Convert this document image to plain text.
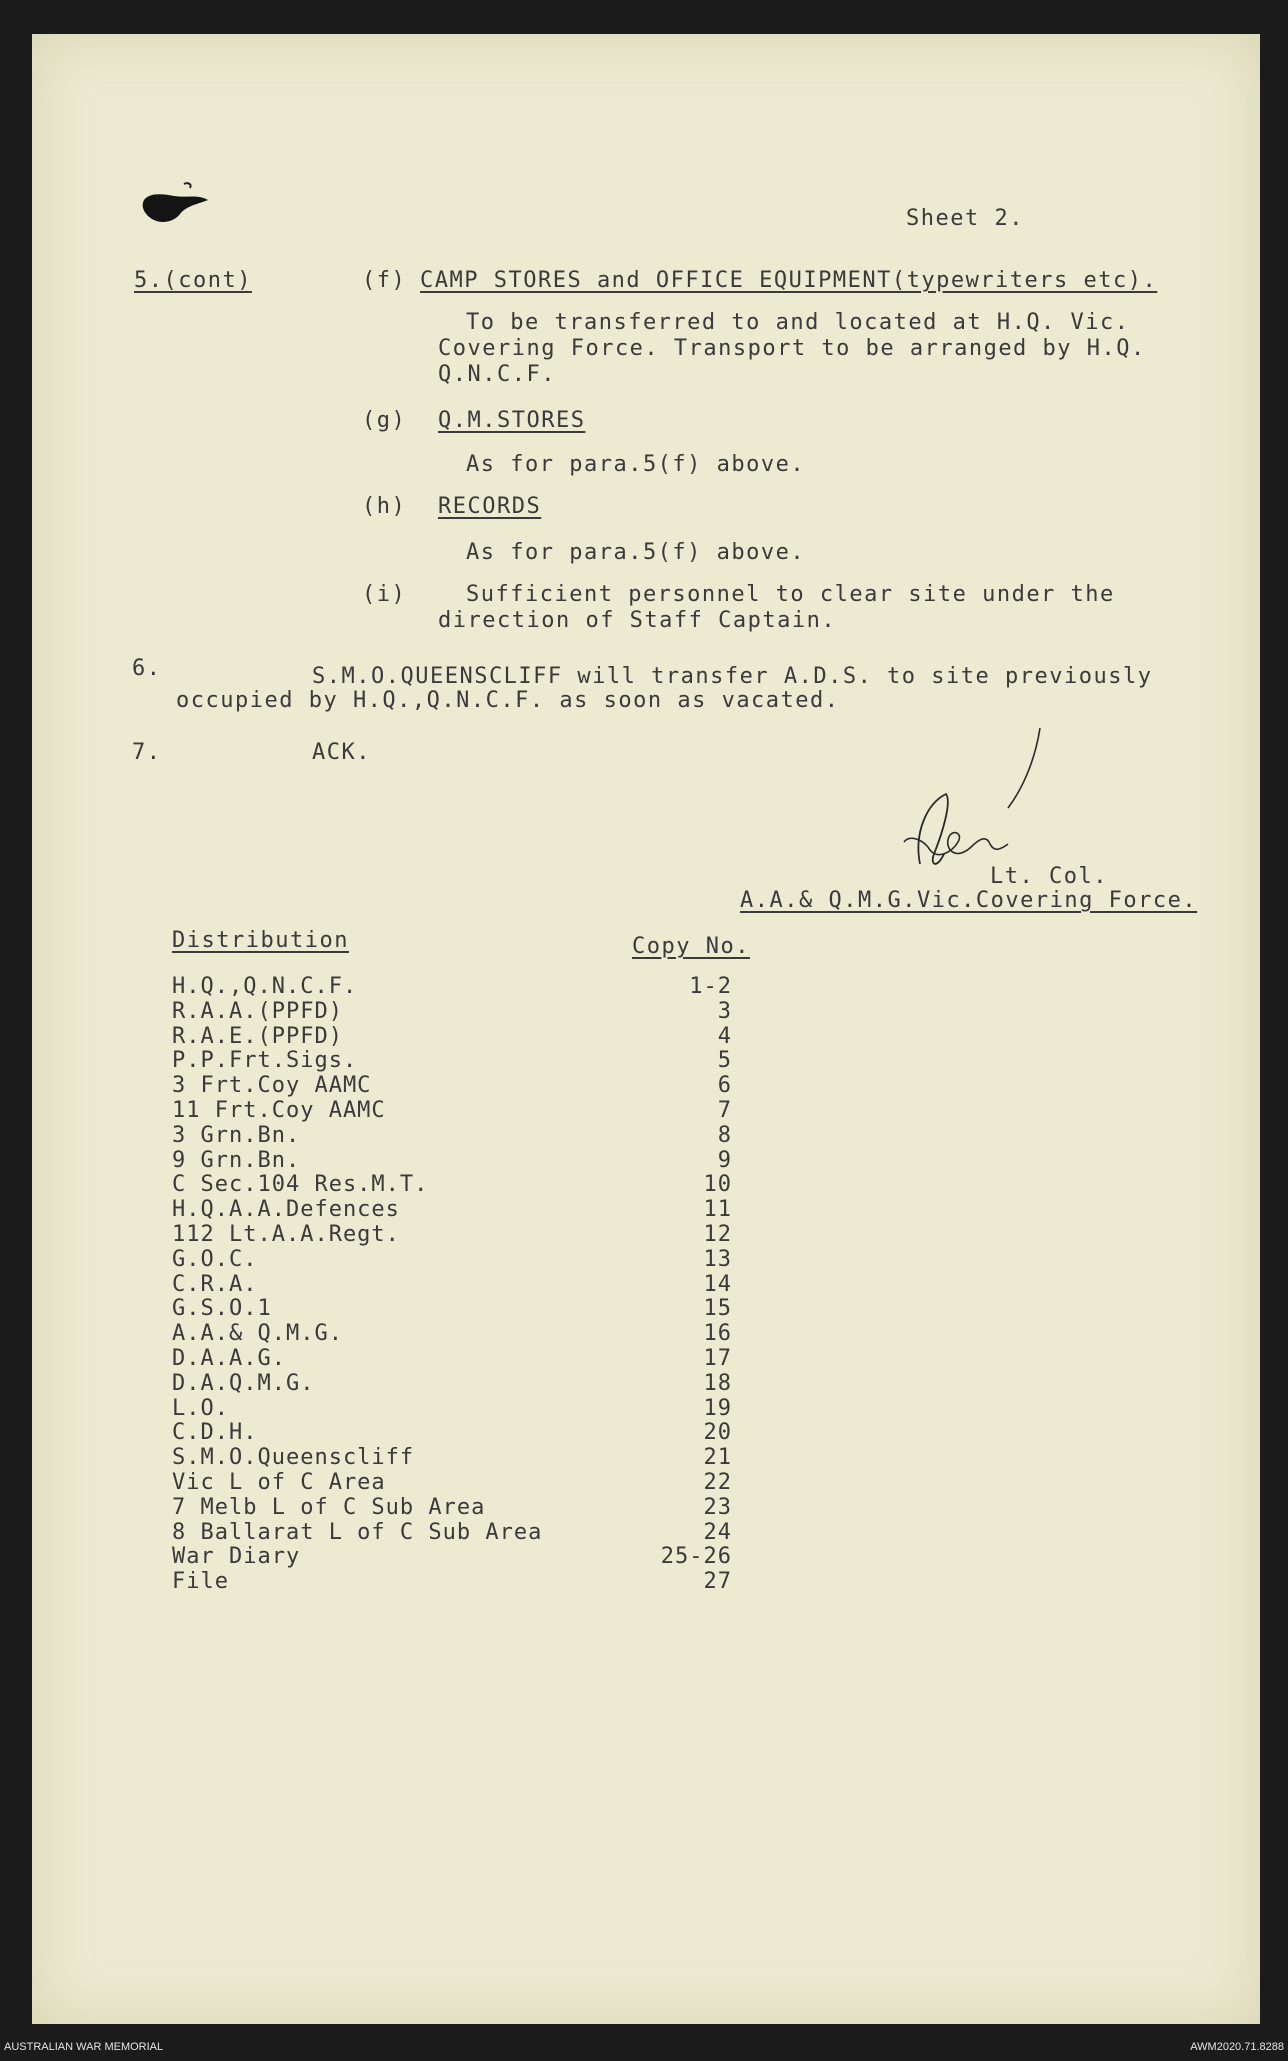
Sheet 2.
5.(cont)	(f) CAMP STORES and OFFICE EQUIPMENT(typewriters etc).
To be transferred to and located at H.Q. Vic.
Covering Force. Transport to be arranged by H.Q.
Q.N.C.F.
(g) Q.M.STORES
As for para.5(f) above.
(h) RECORDS
As for para.5(f) above.
(i)	Sufficient personnel to clear site under the
direction of Staff Captain.
6.	S.M.O.QUEENSCLIFF will transfer A.D.S. to site previously
occupied by H.Q.,Q.N.C.F. as soon as vacated.
7.	ACK.
Lt. Col.
A.A.& Q.M.G.Vic.Covering Force.
Distribution	Copy No.
H.Q.,Q.N.C.F.	1-2
R.A.A.(PPFD)	3
R.A.E.(PPFD)	4
P.P.Frt.Sigs.	5
3 Frt.Coy AAMC	6
11 Frt.Coy AAMC	7
3 Grn.Bn.	8
9 Grn.Bn.	9
C Sec.104 Res.M.T.	10
H.Q.A.A.Defences	11
112 Lt.A.A.Regt.	12
G.O.C.	13
C.R.A.	14
G.S.O.1	15
A.A.& Q.M.G.	16
D.A.A.G.	17
D.A.Q.M.G.	18
L.O.	19
C.D.H.	20
S.M.O.Queenscliff	21
Vic L of C Area	22
7 Melb L of C Sub Area	23
8 Ballarat L of C Sub Area	24
War Diary	25-26
File	27
AUSTRALIAN WAR MEMORIAL	AWM2020.71.8288
